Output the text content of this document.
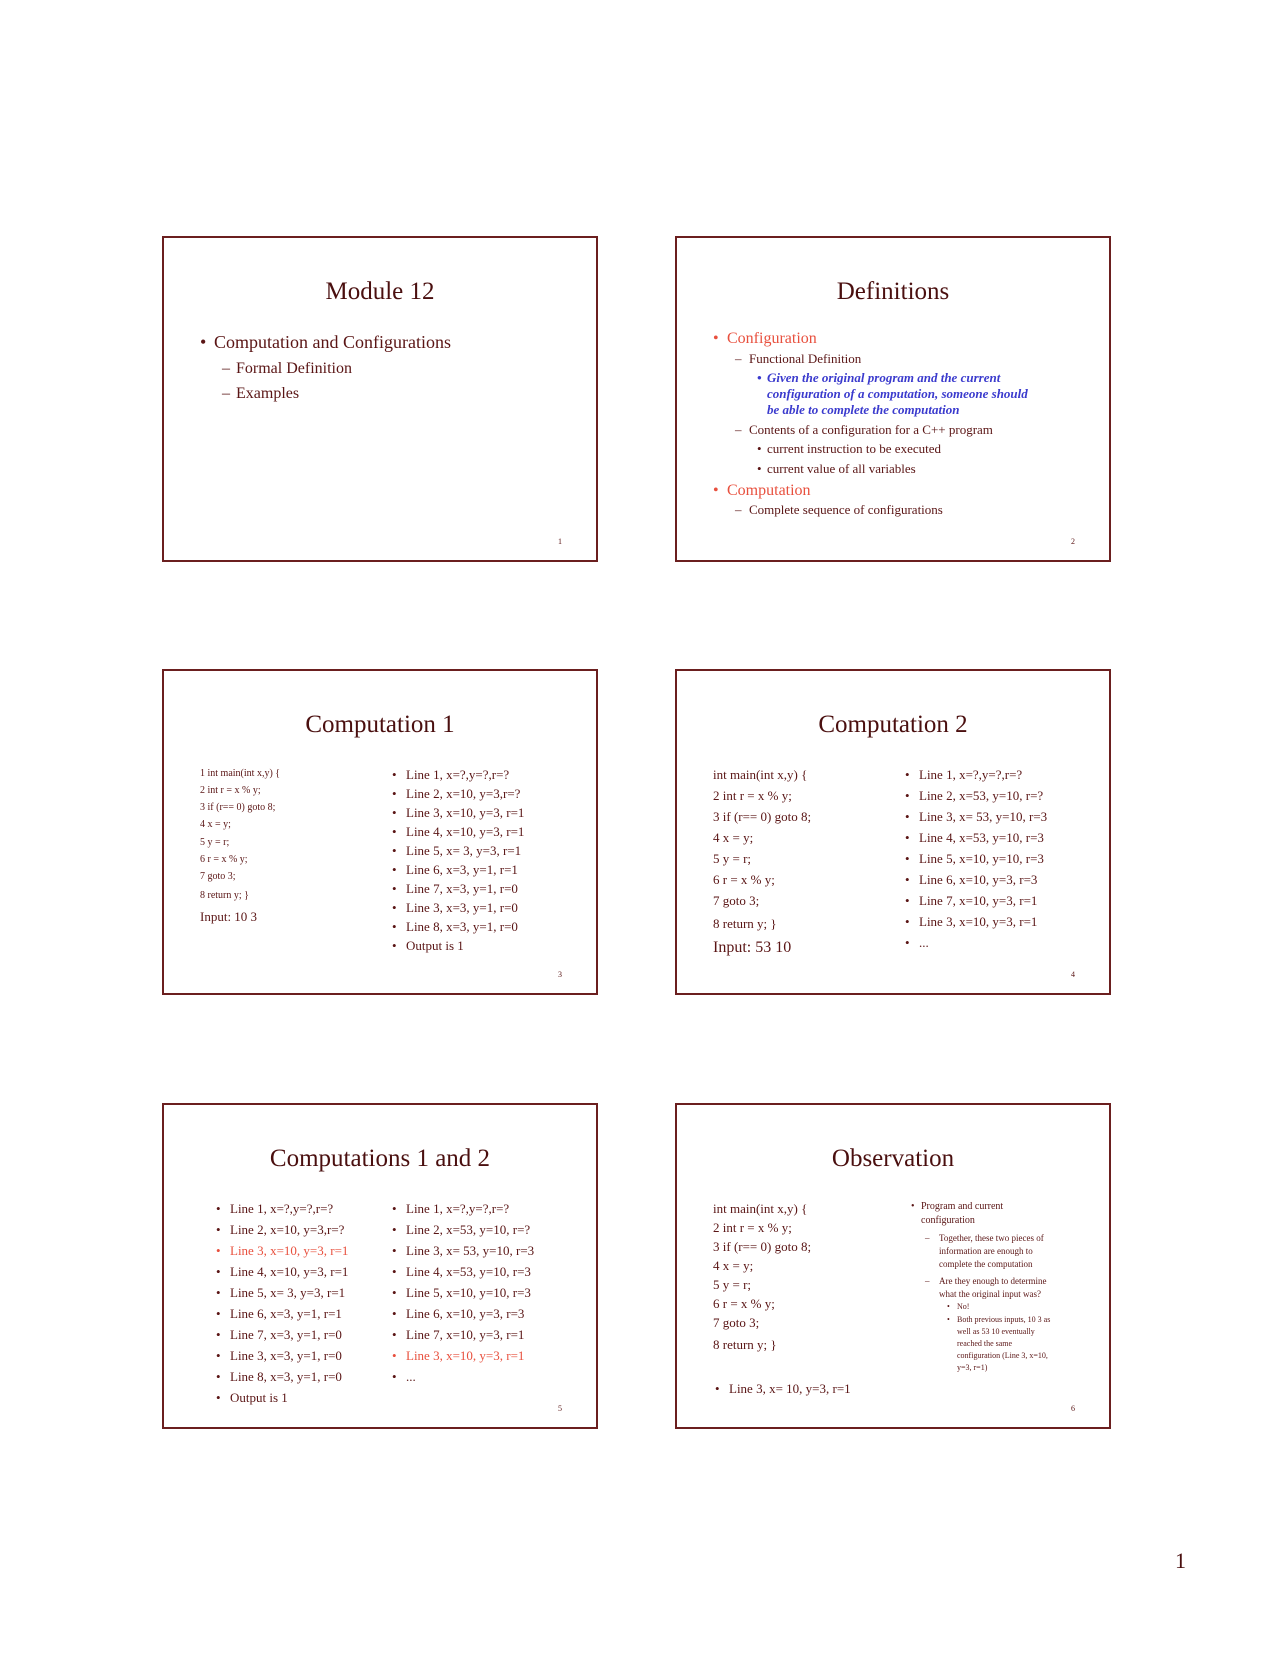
Module 12
• Computation and Configurations
– Formal Definition
– Examples
1
Definitions
• Configuration
– Functional Definition
• Given the original program and the current
configuration of a computation, someone should
be able to complete the computation
– Contents of a configuration for a C++ program
• current instruction to be executed
• current value of all variables
• Computation
– Complete sequence of configurations
2
Computation 1
1 int main(int x,y) {
2 int r = x % y;
3 if (r== 0) goto 8;
4 x = y;
5 y = r;
6 r = x % y;
7 goto 3;
8 return y; }
Input: 10 3
• Line 1, x=?,y=?,r=?
• Line 2, x=10, y=3,r=?
• Line 3, x=10, y=3, r=1
• Line 4, x=10, y=3, r=1
• Line 5, x= 3, y=3, r=1
• Line 6, x=3, y=1, r=1
• Line 7, x=3, y=1, r=0
• Line 3, x=3, y=1, r=0
• Line 8, x=3, y=1, r=0
• Output is 1
3
Computation 2
int main(int x,y) {
2 int r = x % y;
3 if (r== 0) goto 8;
4 x = y;
5 y = r;
6 r = x % y;
7 goto 3;
8 return y; }
Input: 53 10
• Line 1, x=?,y=?,r=?
• Line 2, x=53, y=10, r=?
• Line 3, x= 53, y=10, r=3
• Line 4, x=53, y=10, r=3
• Line 5, x=10, y=10, r=3
• Line 6, x=10, y=3, r=3
• Line 7, x=10, y=3, r=1
• Line 3, x=10, y=3, r=1
• ...
4
Computations 1 and 2
• Line 1, x=?,y=?,r=?
• Line 2, x=10, y=3,r=?
• Line 3, x=10, y=3, r=1
• Line 4, x=10, y=3, r=1
• Line 5, x= 3, y=3, r=1
• Line 6, x=3, y=1, r=1
• Line 7, x=3, y=1, r=0
• Line 3, x=3, y=1, r=0
• Line 8, x=3, y=1, r=0
• Output is 1
• Line 1, x=?,y=?,r=?
• Line 2, x=53, y=10, r=?
• Line 3, x= 53, y=10, r=3
• Line 4, x=53, y=10, r=3
• Line 5, x=10, y=10, r=3
• Line 6, x=10, y=3, r=3
• Line 7, x=10, y=3, r=1
• Line 3, x=10, y=3, r=1
• ...
5
Observation
int main(int x,y) {
2 int r = x % y;
3 if (r== 0) goto 8;
4 x = y;
5 y = r;
6 r = x % y;
7 goto 3;
8 return y; }
• Line 3, x= 10, y=3, r=1
• Program and current
configuration
– Together, these two pieces of
information are enough to
complete the computation
– Are they enough to determine
what the original input was?
• No!
• Both previous inputs, 10 3 as
well as 53 10 eventually
reached the same
configuration (Line 3, x=10,
y=3, r=1)
6
1
